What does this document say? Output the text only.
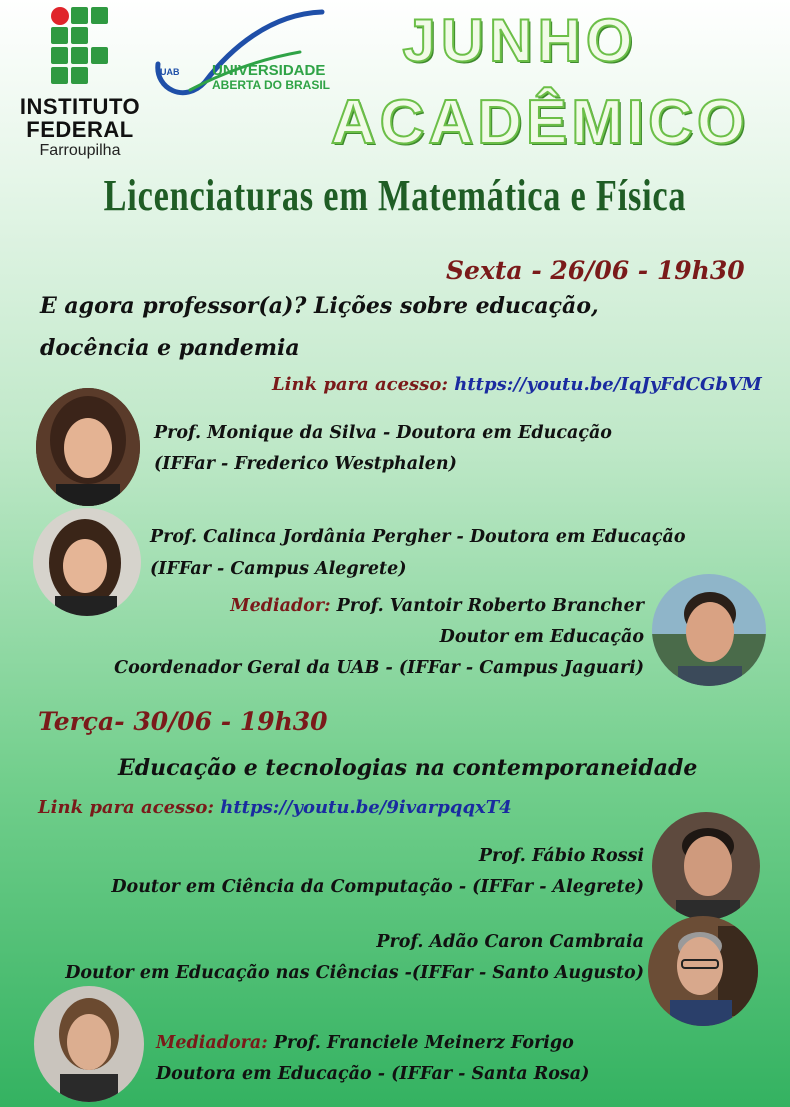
INSTITUTO
FEDERAL
Farroupilha
UAB UNIVERSIDADE
ABERTA DO BRASIL
JUNHO
ACADÊMICO
Licenciaturas em Matemática e Física
Sexta - 26/06 - 19h30
E agora professor(a)? Lições sobre educação,
docência e pandemia
Link para acesso: https://youtu.be/IqJyFdCGbVM
Prof. Monique da Silva - Doutora em Educação
(IFFar - Frederico Westphalen)
Prof. Calinca Jordânia Pergher - Doutora em Educação
(IFFar - Campus Alegrete)
Mediador: Prof. Vantoir Roberto Brancher
Doutor em Educação
Coordenador Geral da UAB - (IFFar - Campus Jaguari)
Terça- 30/06 - 19h30
Educação e tecnologias na contemporaneidade
Link para acesso: https://youtu.be/9ivarpqqxT4
Prof. Fábio Rossi
Doutor em Ciência da Computação - (IFFar - Alegrete)
Prof. Adão Caron Cambraia
Doutor em Educação nas Ciências -(IFFar - Santo Augusto)
Mediadora: Prof. Franciele Meinerz Forigo
Doutora em Educação - (IFFar - Santa Rosa)
